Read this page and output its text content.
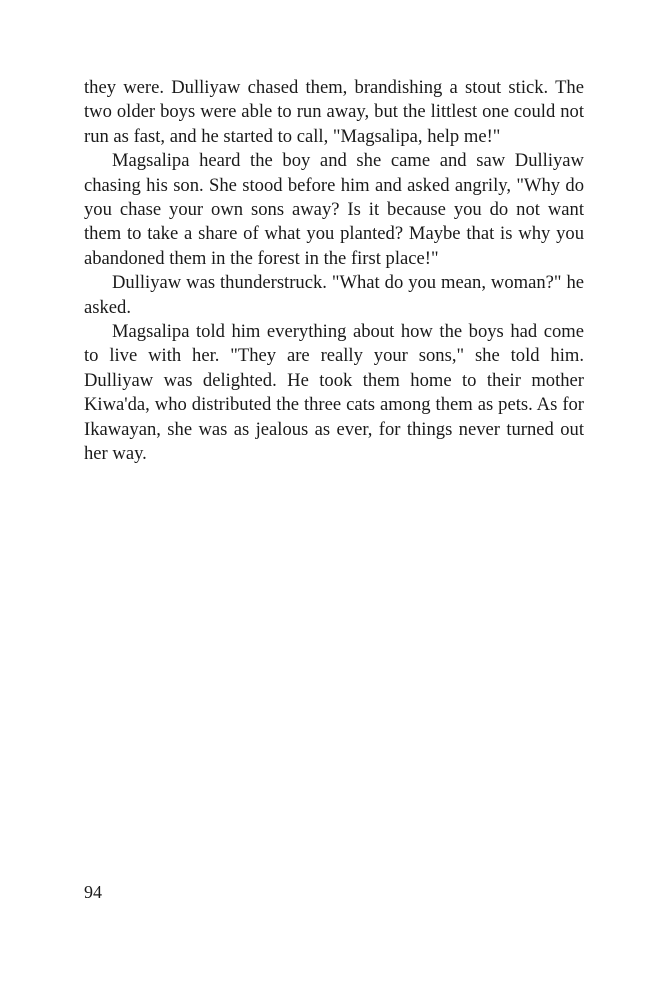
they were. Dulliyaw chased them, brandishing a stout stick. The two older boys were able to run away, but the littlest one could not run as fast, and he started to call, "Magsalipa, help me!"

Magsalipa heard the boy and she came and saw Dulliyaw chasing his son. She stood before him and asked angrily, "Why do you chase your own sons away? Is it because you do not want them to take a share of what you planted? Maybe that is why you abandoned them in the forest in the first place!"

Dulliyaw was thunderstruck. "What do you mean, woman?" he asked.

Magsalipa told him everything about how the boys had come to live with her. "They are really your sons," she told him. Dulliyaw was delighted. He took them home to their mother Kiwa'da, who distributed the three cats among them as pets. As for Ikawayan, she was as jealous as ever, for things never turned out her way.

94
